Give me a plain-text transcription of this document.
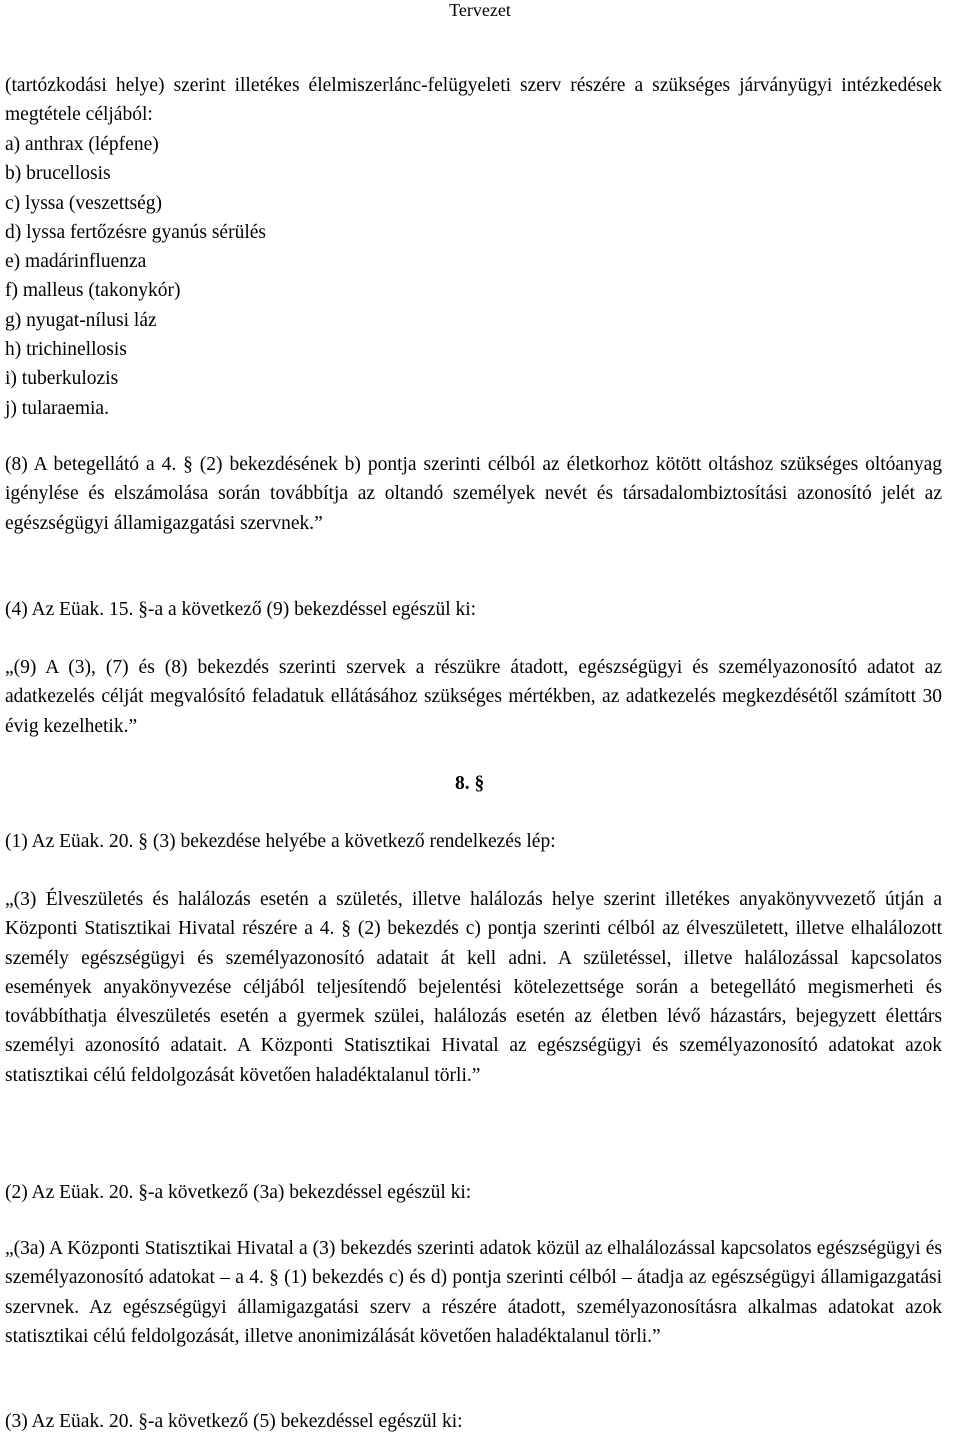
Tervezet

(tartózkodási helye) szerint illetékes élelmiszerlánc-felügyeleti szerv részére a szükséges járványügyi intézkedések megtétele céljából:

a) anthrax (lépfene)
b) brucellosis
c) lyssa (veszettség)
d) lyssa fertőzésre gyanús sérülés
e) madárinfluenza
f) malleus (takonykór)
g) nyugat-nílusi láz
h) trichinellosis
i) tuberkulozis
j) tularaemia.

(8) A betegellátó a 4. § (2) bekezdésének b) pontja szerinti célból az életkorhoz kötött oltáshoz szükséges oltóanyag igénylése és elszámolása során továbbítja az oltandó személyek nevét és társadalombiztosítási azonosító jelét az egészségügyi államigazgatási szervnek.”

(4) Az Eüak. 15. §-a a következő (9) bekezdéssel egészül ki:

„(9) A (3), (7) és (8) bekezdés szerinti szervek a részükre átadott, egészségügyi és személyazonosító adatot az adatkezelés célját megvalósító feladatuk ellátásához szükséges mértékben, az adatkezelés megkezdésétől számított 30 évig kezelhetik.”

8. §

(1) Az Eüak. 20. § (3) bekezdése helyébe a következő rendelkezés lép:

„(3) Élveszületés és halálozás esetén a születés, illetve halálozás helye szerint illetékes anyakönyvvezető útján a Központi Statisztikai Hivatal részére a 4. § (2) bekezdés c) pontja szerinti célból az élveszületett, illetve elhalálozott személy egészségügyi és személyazonosító adatait át kell adni. A születéssel, illetve halálozással kapcsolatos események anyakönyvezése céljából teljesítendő bejelentési kötelezettsége során a betegellátó megismerheti és továbbíthatja élveszületés esetén a gyermek szülei, halálozás esetén az életben lévő házastárs, bejegyzett élettárs személyi azonosító adatait. A Központi Statisztikai Hivatal az egészségügyi és személyazonosító adatokat azok statisztikai célú feldolgozását követően haladéktalanul törli.”

(2) Az Eüak. 20. §-a következő (3a) bekezdéssel egészül ki:

„(3a) A Központi Statisztikai Hivatal a (3) bekezdés szerinti adatok közül az elhalálozással kapcsolatos egészségügyi és személyazonosító adatokat ‒ a 4. § (1) bekezdés c) és d) pontja szerinti célból ‒ átadja az egészségügyi államigazgatási szervnek. Az egészségügyi államigazgatási szerv a részére átadott, személyazonosításra alkalmas adatokat azok statisztikai célú feldolgozását, illetve anonimizálását követően haladéktalanul törli.”

(3) Az Eüak. 20. §-a következő (5) bekezdéssel egészül ki:
